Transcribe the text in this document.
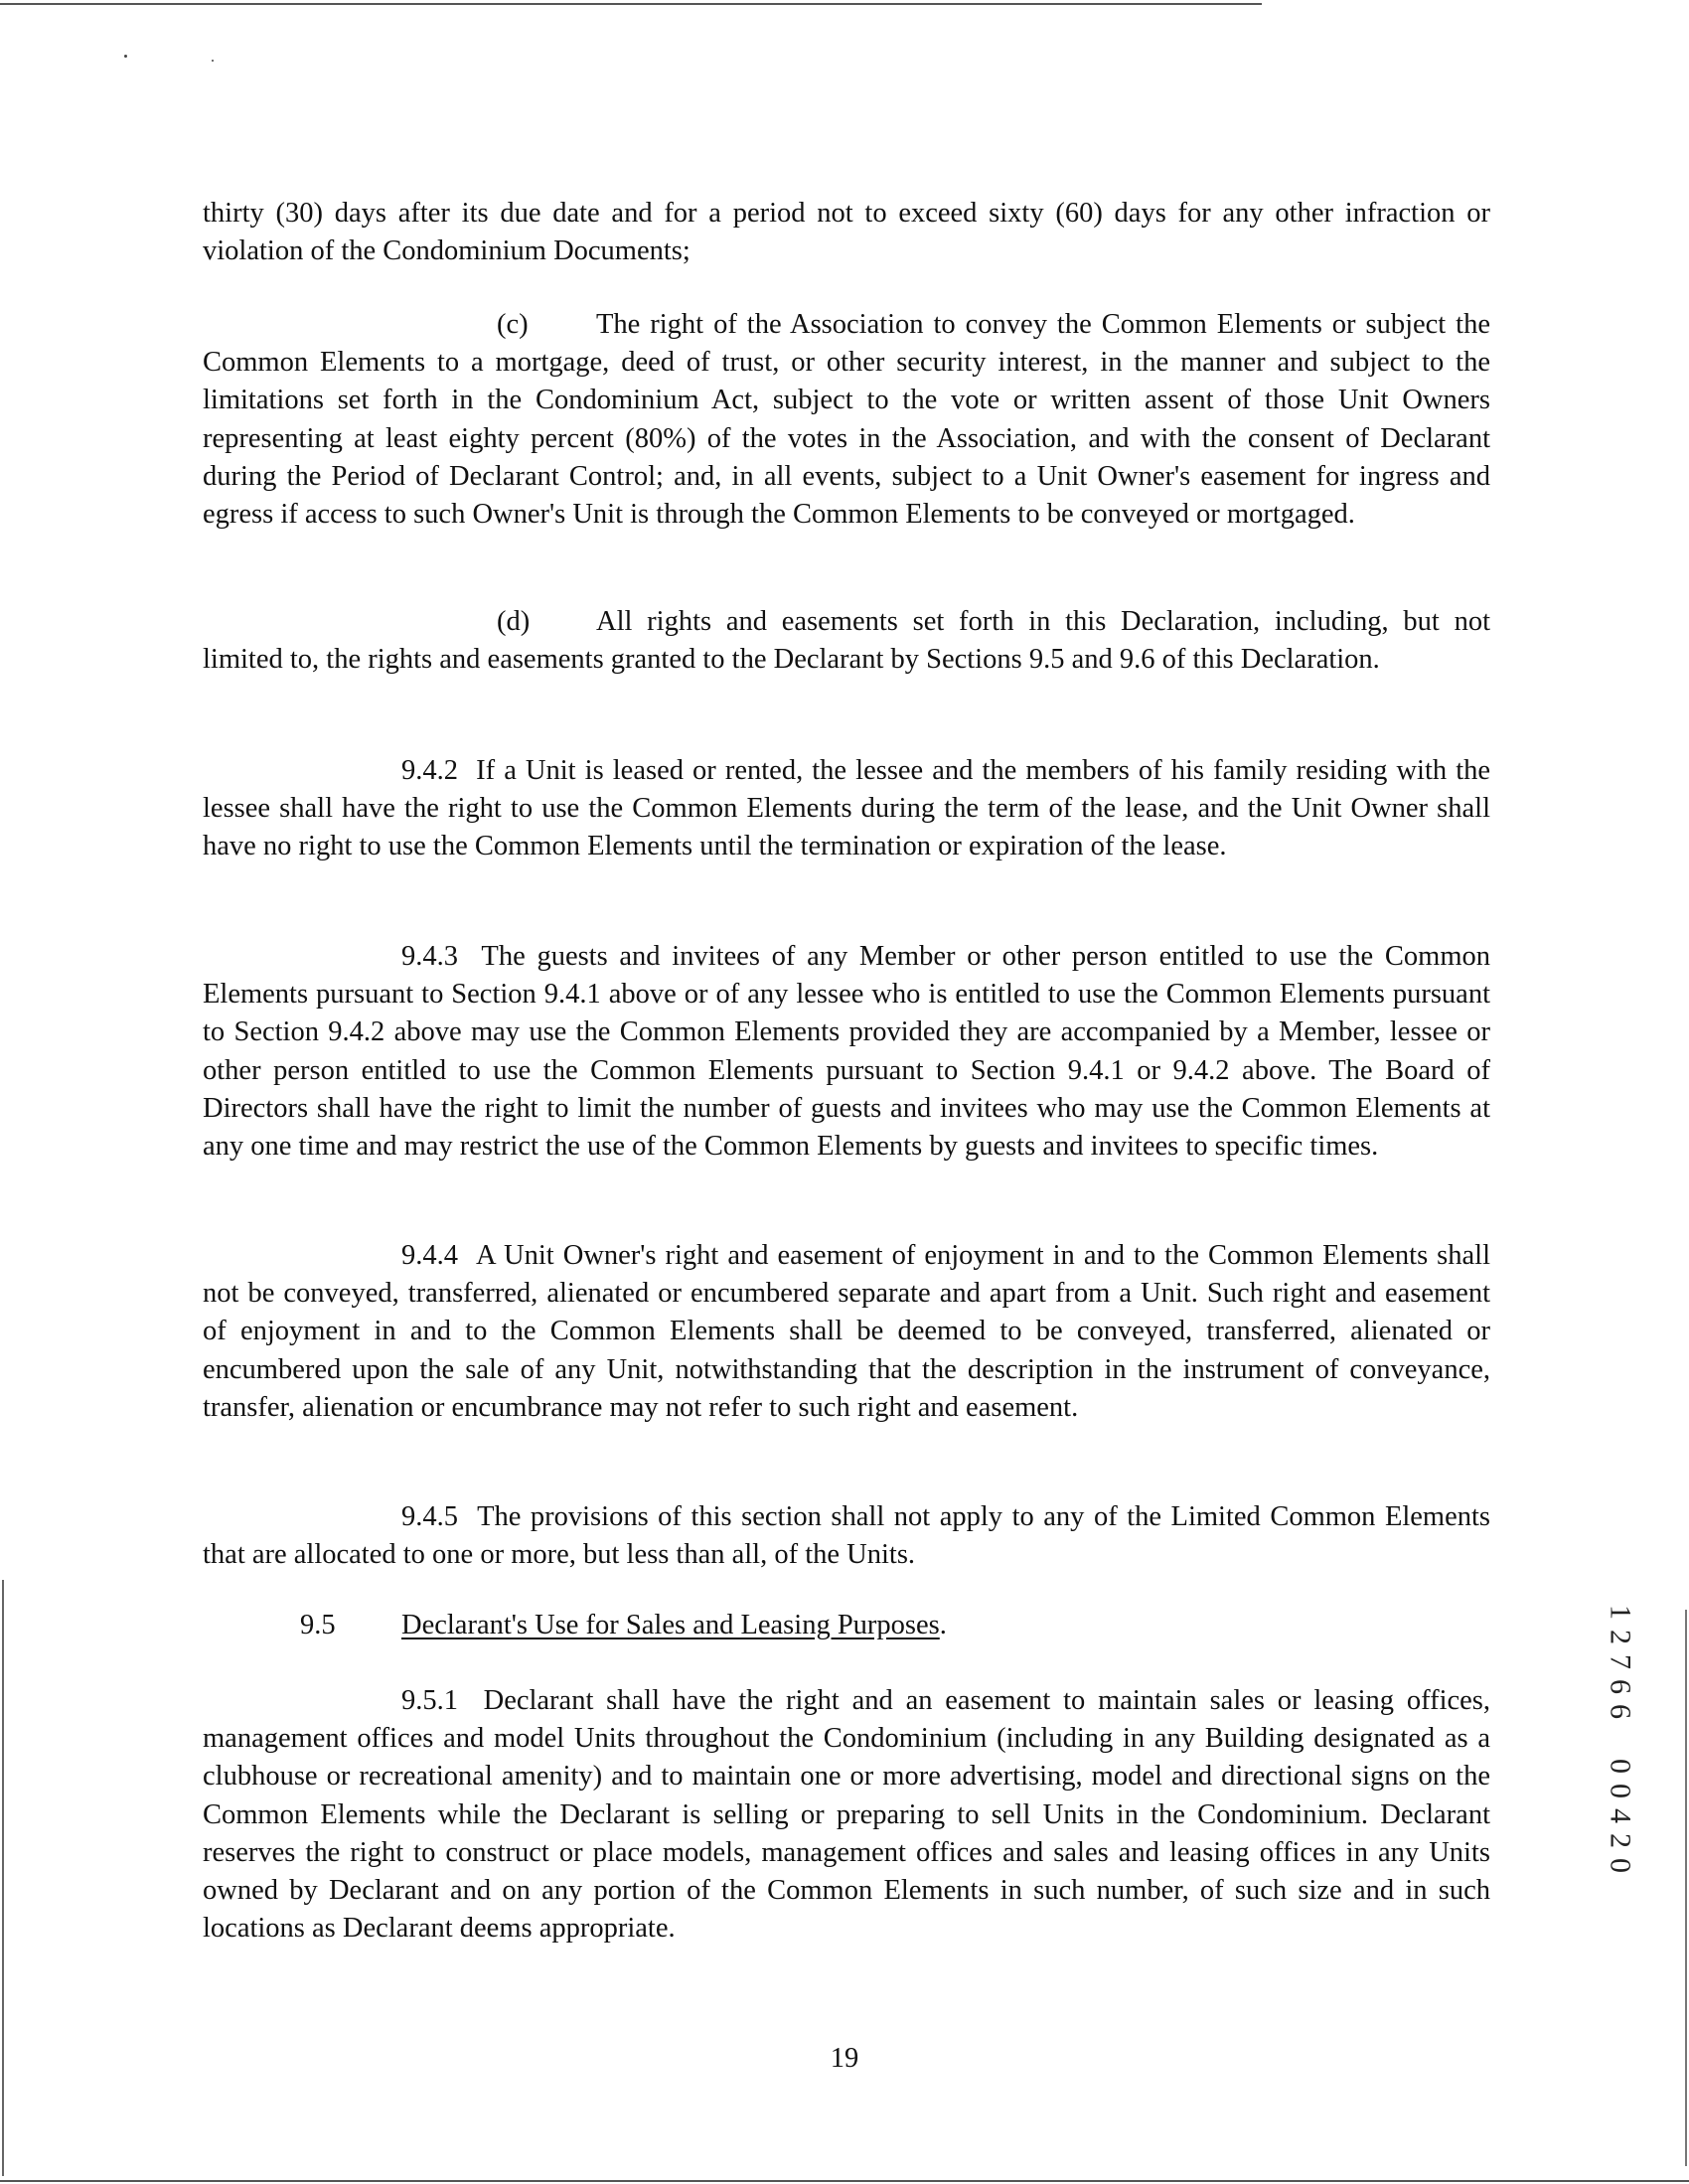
thirty (30) days after its due date and for a period not to exceed sixty (60) days for any other infraction or violation of the Condominium Documents;

(c) The right of the Association to convey the Common Elements or subject the Common Elements to a mortgage, deed of trust, or other security interest, in the manner and subject to the limitations set forth in the Condominium Act, subject to the vote or written assent of those Unit Owners representing at least eighty percent (80%) of the votes in the Association, and with the consent of Declarant during the Period of Declarant Control; and, in all events, subject to a Unit Owner's easement for ingress and egress if access to such Owner's Unit is through the Common Elements to be conveyed or mortgaged.

(d) All rights and easements set forth in this Declaration, including, but not limited to, the rights and easements granted to the Declarant by Sections 9.5 and 9.6 of this Declaration.

9.4.2 If a Unit is leased or rented, the lessee and the members of his family residing with the lessee shall have the right to use the Common Elements during the term of the lease, and the Unit Owner shall have no right to use the Common Elements until the termination or expiration of the lease.

9.4.3 The guests and invitees of any Member or other person entitled to use the Common Elements pursuant to Section 9.4.1 above or of any lessee who is entitled to use the Common Elements pursuant to Section 9.4.2 above may use the Common Elements provided they are accompanied by a Member, lessee or other person entitled to use the Common Elements pursuant to Section 9.4.1 or 9.4.2 above. The Board of Directors shall have the right to limit the number of guests and invitees who may use the Common Elements at any one time and may restrict the use of the Common Elements by guests and invitees to specific times.

9.4.4 A Unit Owner's right and easement of enjoyment in and to the Common Elements shall not be conveyed, transferred, alienated or encumbered separate and apart from a Unit. Such right and easement of enjoyment in and to the Common Elements shall be deemed to be conveyed, transferred, alienated or encumbered upon the sale of any Unit, notwithstanding that the description in the instrument of conveyance, transfer, alienation or encumbrance may not refer to such right and easement.

9.4.5 The provisions of this section shall not apply to any of the Limited Common Elements that are allocated to one or more, but less than all, of the Units.

9.5 Declarant's Use for Sales and Leasing Purposes.

9.5.1 Declarant shall have the right and an easement to maintain sales or leasing offices, management offices and model Units throughout the Condominium (including in any Building designated as a clubhouse or recreational amenity) and to maintain one or more advertising, model and directional signs on the Common Elements while the Declarant is selling or preparing to sell Units in the Condominium. Declarant reserves the right to construct or place models, management offices and sales and leasing offices in any Units owned by Declarant and on any portion of the Common Elements in such number, of such size and in such locations as Declarant deems appropriate.

19
1
2
7
6
6
0
0
4
2
0
